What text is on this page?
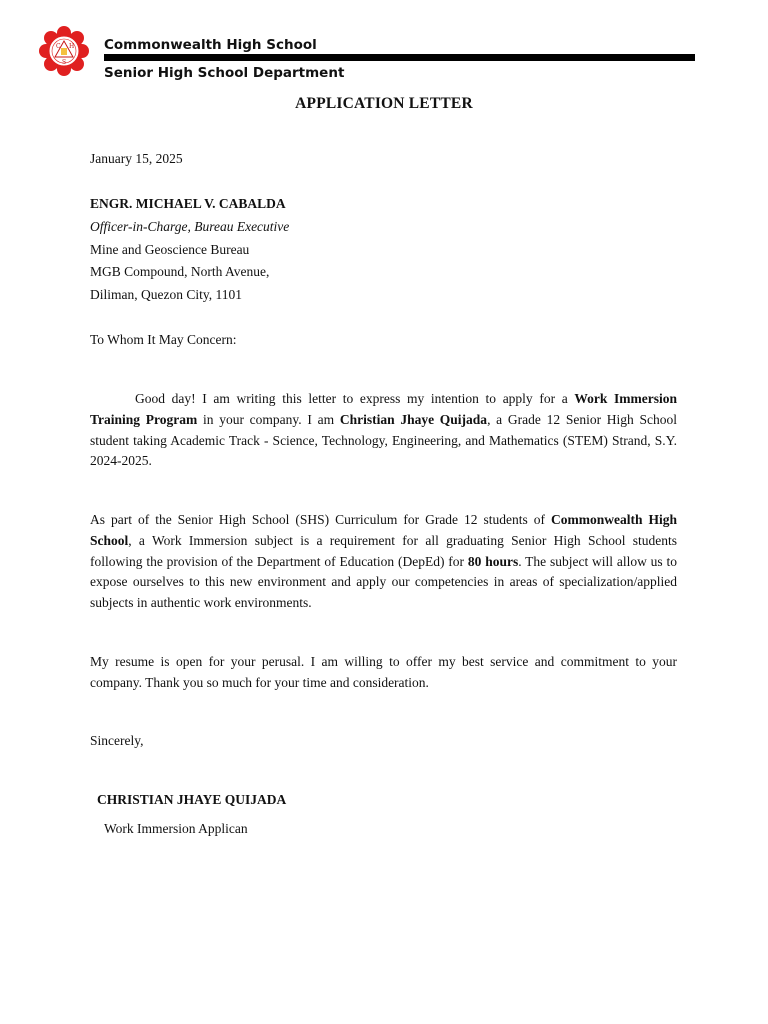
C H
S
Commonwealth High School
Senior High School Department
APPLICATION LETTER
January 15, 2025
ENGR. MICHAEL V. CABALDA
Officer-in-Charge, Bureau Executive
Mine and Geoscience Bureau
MGB Compound, North Avenue,
Diliman, Quezon City, 1101
To Whom It May Concern:
Good day! I am writing this letter to express my intention to apply for a Work Immersion Training Program in your company. I am Christian Jhaye Quijada, a Grade 12 Senior High School student taking Academic Track - Science, Technology, Engineering, and Mathematics (STEM) Strand, S.Y. 2024-2025.
As part of the Senior High School (SHS) Curriculum for Grade 12 students of Commonwealth High School, a Work Immersion subject is a requirement for all graduating Senior High School students following the provision of the Department of Education (DepEd) for 80 hours. The subject will allow us to expose ourselves to this new environment and apply our competencies in areas of specialization/applied subjects in authentic work environments.
My resume is open for your perusal. I am willing to offer my best service and commitment to your company. Thank you so much for your time and consideration.
Sincerely,
CHRISTIAN JHAYE QUIJADA
Work Immersion Applican
